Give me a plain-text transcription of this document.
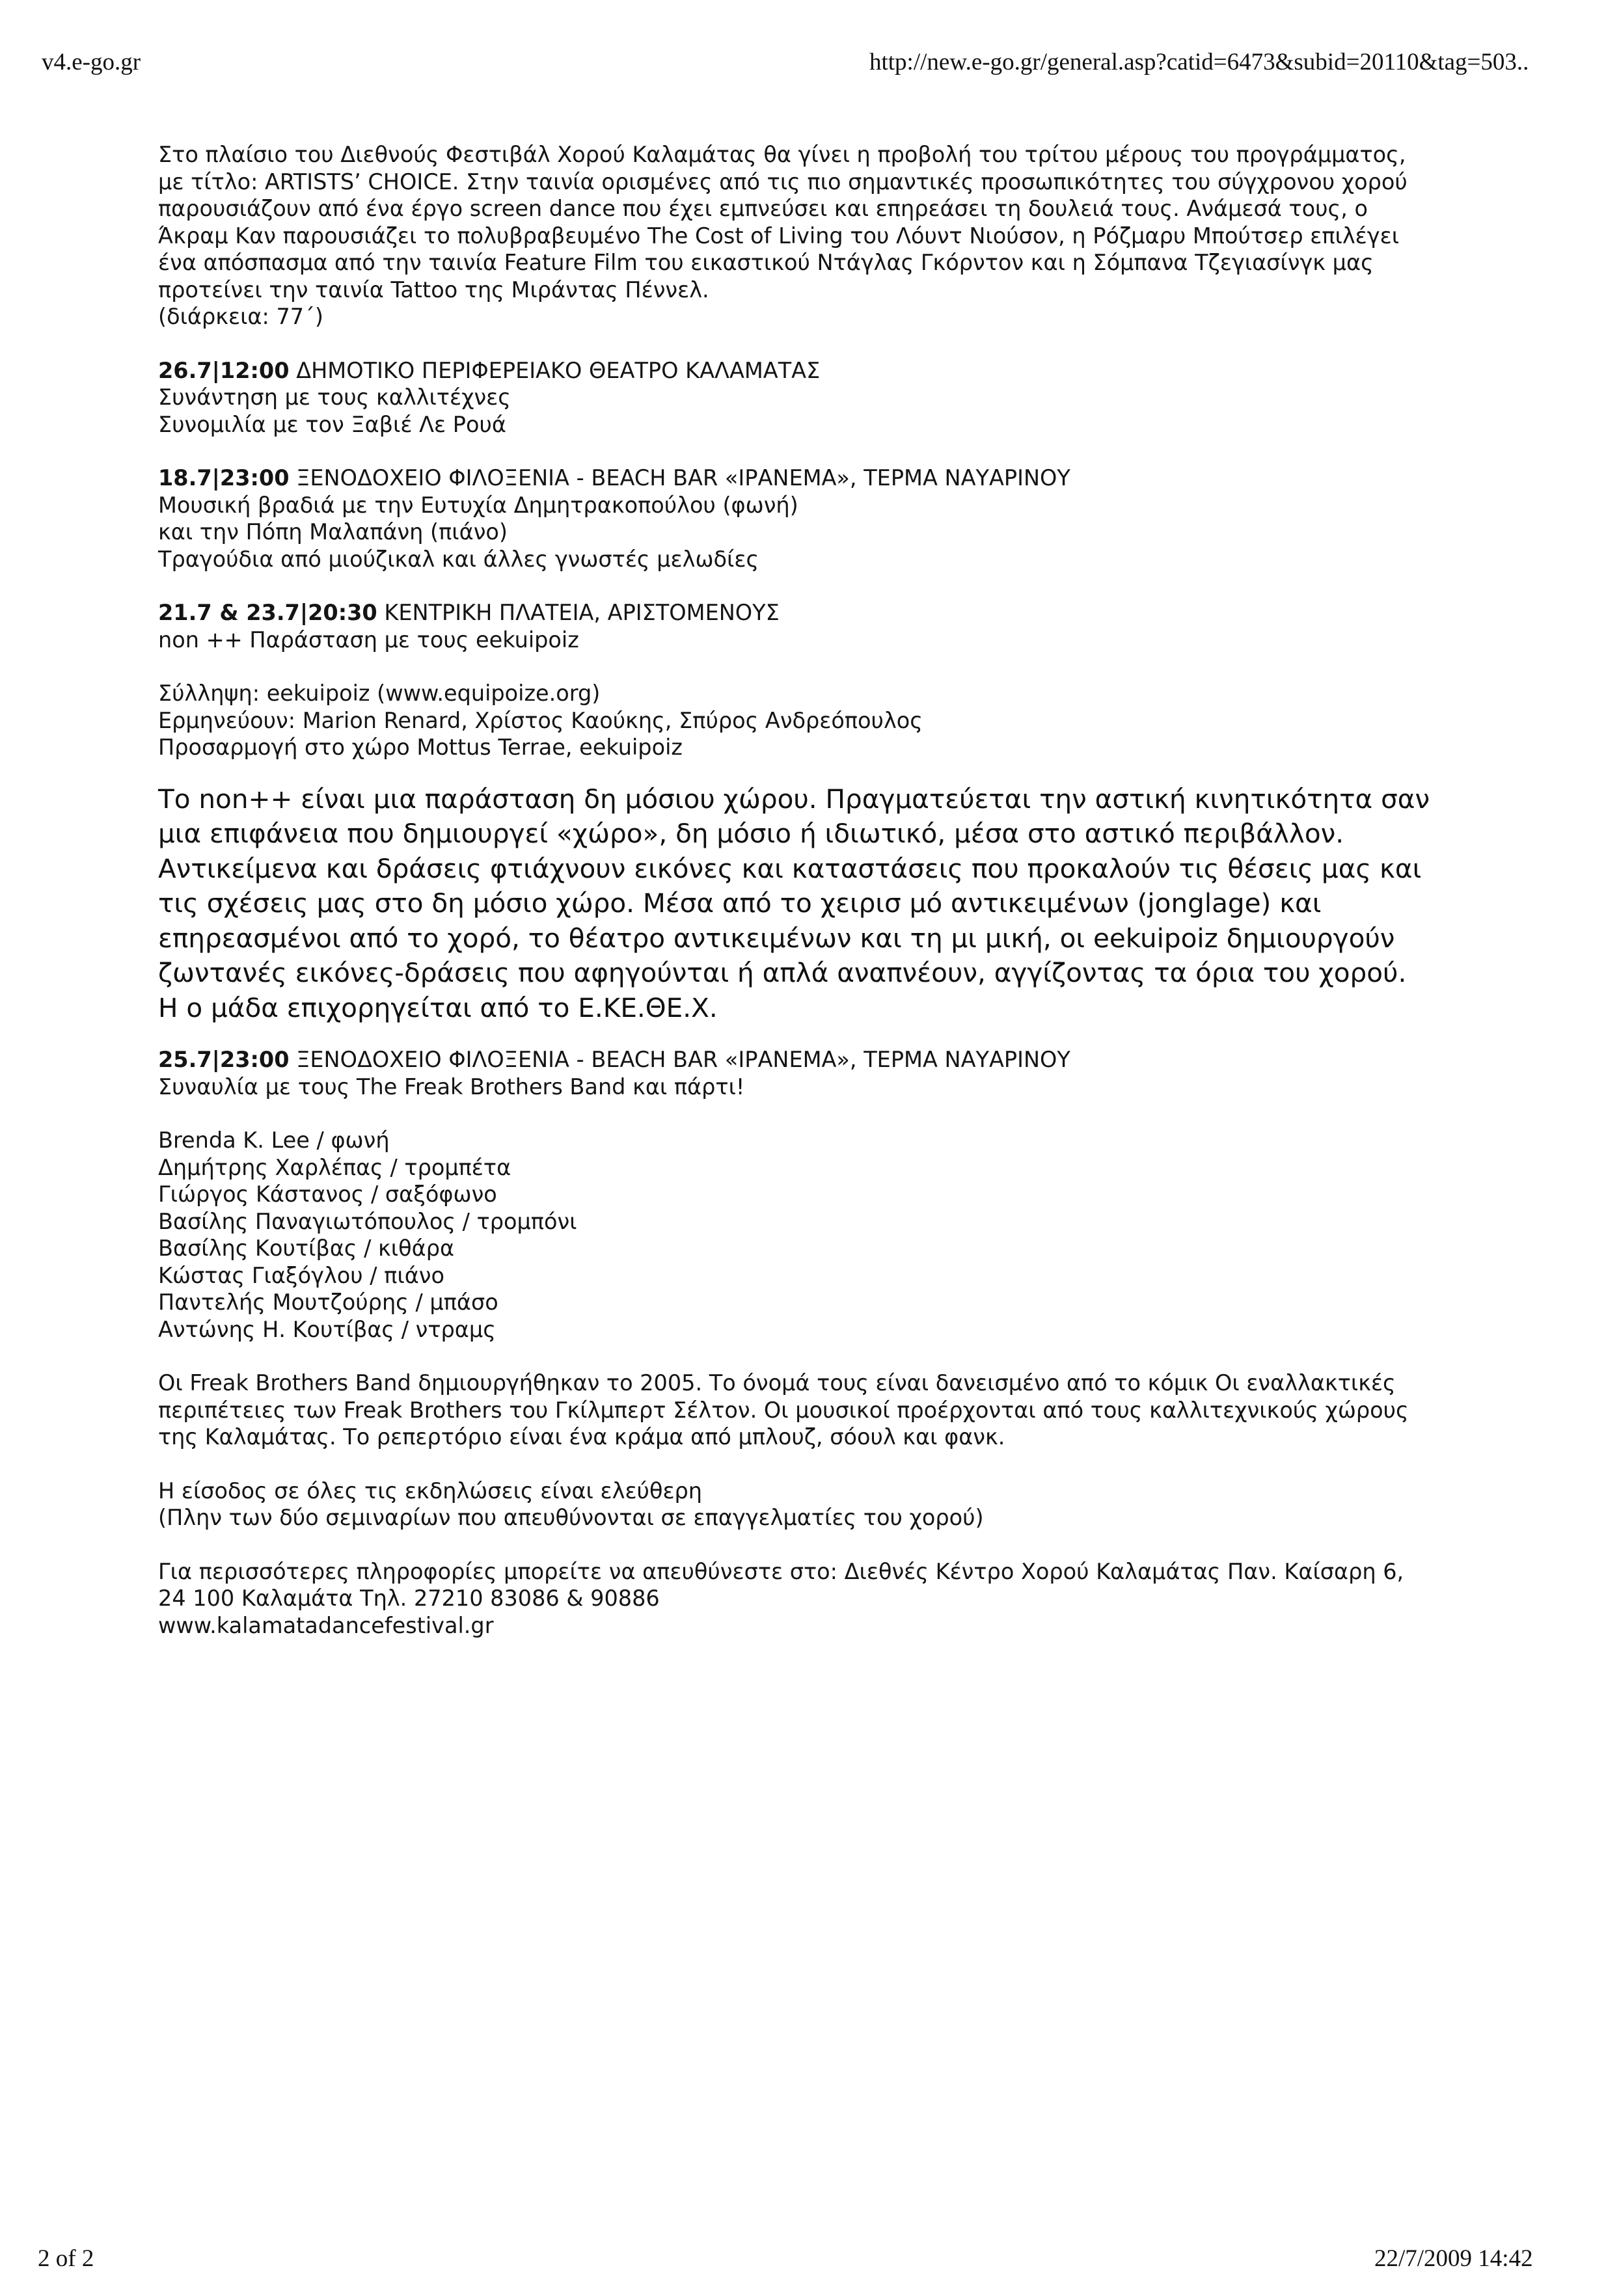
v4.e-go.gr	http://new.e-go.gr/general.asp?catid=6473&subid=20110&tag=503..

Στο πλαίσιο του Διεθνούς Φεστιβάλ Χορού Καλαμάτας θα γίνει η προβολή του τρίτου μέρους του προγράμματος,
με τίτλο: ARTISTS’ CHOICE. Στην ταινία ορισμένες από τις πιο σημαντικές προσωπικότητες του σύγχρονου χορού
παρουσιάζουν από ένα έργο screen dance που έχει εμπνεύσει και επηρεάσει τη δουλειά τους. Ανάμεσά τους, ο
Άκραμ Καν παρουσιάζει το πολυβραβευμένο The Cost of Living του Λόυντ Νιούσον, η Ρόζμαρυ Μπούτσερ επιλέγει
ένα απόσπασμα από την ταινία Feature Film του εικαστικού Ντάγλας Γκόρντον και η Σόμπανα Τζεγιασίνγκ μας
προτείνει την ταινία Tattoo της Μιράντας Πέννελ.
(διάρκεια: 77΄)

26.7|12:00 ΔΗΜΟΤΙΚΟ ΠΕΡΙΦΕΡΕΙΑΚΟ ΘΕΑΤΡΟ ΚΑΛΑΜΑΤΑΣ
Συνάντηση με τους καλλιτέχνες
Συνομιλία με τον Ξαβιέ Λε Ρουά

18.7|23:00 ΞΕΝΟΔΟΧΕΙΟ ΦΙΛΟΞΕΝΙΑ - BEACH BAR «ΙΡΑΝΕΜΑ», ΤΕΡΜΑ ΝΑΥΑΡΙΝΟΥ
Μουσική βραδιά με την Ευτυχία Δημητρακοπούλου (φωνή)
και την Πόπη Μαλαπάνη (πιάνο)
Τραγούδια από μιούζικαλ και άλλες γνωστές μελωδίες

21.7 & 23.7|20:30 ΚΕΝΤΡΙΚΗ ΠΛΑΤΕΙΑ, ΑΡΙΣΤΟΜΕΝΟΥΣ
non ++ Παράσταση με τους eekuipoiz

Σύλληψη: eekuipoiz (www.equipoize.org)
Ερμηνεύουν: Marion Renard, Χρίστος Καούκης, Σπύρος Ανδρεόπουλος
Προσαρμογή στο χώρο Mottus Terrae, eekuipoiz

Το non++ είναι μια παράσταση δη μόσιου χώρου. Πραγματεύεται την αστική κινητικότητα σαν
μια επιφάνεια που δημιουργεί «χώρο», δη μόσιο ή ιδιωτικό, μέσα στο αστικό περιβάλλον.
Αντικείμενα και δράσεις φτιάχνουν εικόνες και καταστάσεις που προκαλούν τις θέσεις μας και
τις σχέσεις μας στο δη μόσιο χώρο. Μέσα από το χειρισ μό αντικειμένων (jonglage) και
επηρεασμένοι από το χορό, το θέατρο αντικειμένων και τη μι μική, οι eekuipoiz δημιουργούν
ζωντανές εικόνες-δράσεις που αφηγούνται ή απλά αναπνέουν, αγγίζοντας τα όρια του χορού.
Η ο μάδα επιχορηγείται από το Ε.ΚΕ.ΘΕ.Χ.

25.7|23:00 ΞΕΝΟΔΟΧΕΙΟ ΦΙΛΟΞΕΝΙΑ - BEACH BAR «ΙΡΑΝΕΜΑ», ΤΕΡΜΑ ΝΑΥΑΡΙΝΟΥ
Συναυλία με τους The Freak Brothers Band και πάρτι!

Brenda K. Lee / φωνή
Δημήτρης Χαρλέπας / τρομπέτα
Γιώργος Κάστανος / σαξόφωνο
Βασίλης Παναγιωτόπουλος / τρομπόνι
Βασίλης Κουτίβας / κιθάρα
Κώστας Γιαξόγλου / πιάνο
Παντελής Μουτζούρης / μπάσο
Αντώνης Η. Κουτίβας / ντραμς

Οι Freak Brothers Band δημιουργήθηκαν το 2005. Το όνομά τους είναι δανεισμένο από το κόμικ Οι εναλλακτικές
περιπέτειες των Freak Brothers του Γκίλμπερτ Σέλτον. Οι μουσικοί προέρχονται από τους καλλιτεχνικούς χώρους
της Καλαμάτας. Το ρεπερτόριο είναι ένα κράμα από μπλουζ, σόουλ και φανκ.

Η είσοδος σε όλες τις εκδηλώσεις είναι ελεύθερη
(Πλην των δύο σεμιναρίων που απευθύνονται σε επαγγελματίες του χορού)

Για περισσότερες πληροφορίες μπορείτε να απευθύνεστε στο: Διεθνές Κέντρο Χορού Καλαμάτας Παν. Καίσαρη 6,
24 100 Καλαμάτα Τηλ. 27210 83086 & 90886
www.kalamatadancefestival.gr

2 of 2	22/7/2009 14:42
